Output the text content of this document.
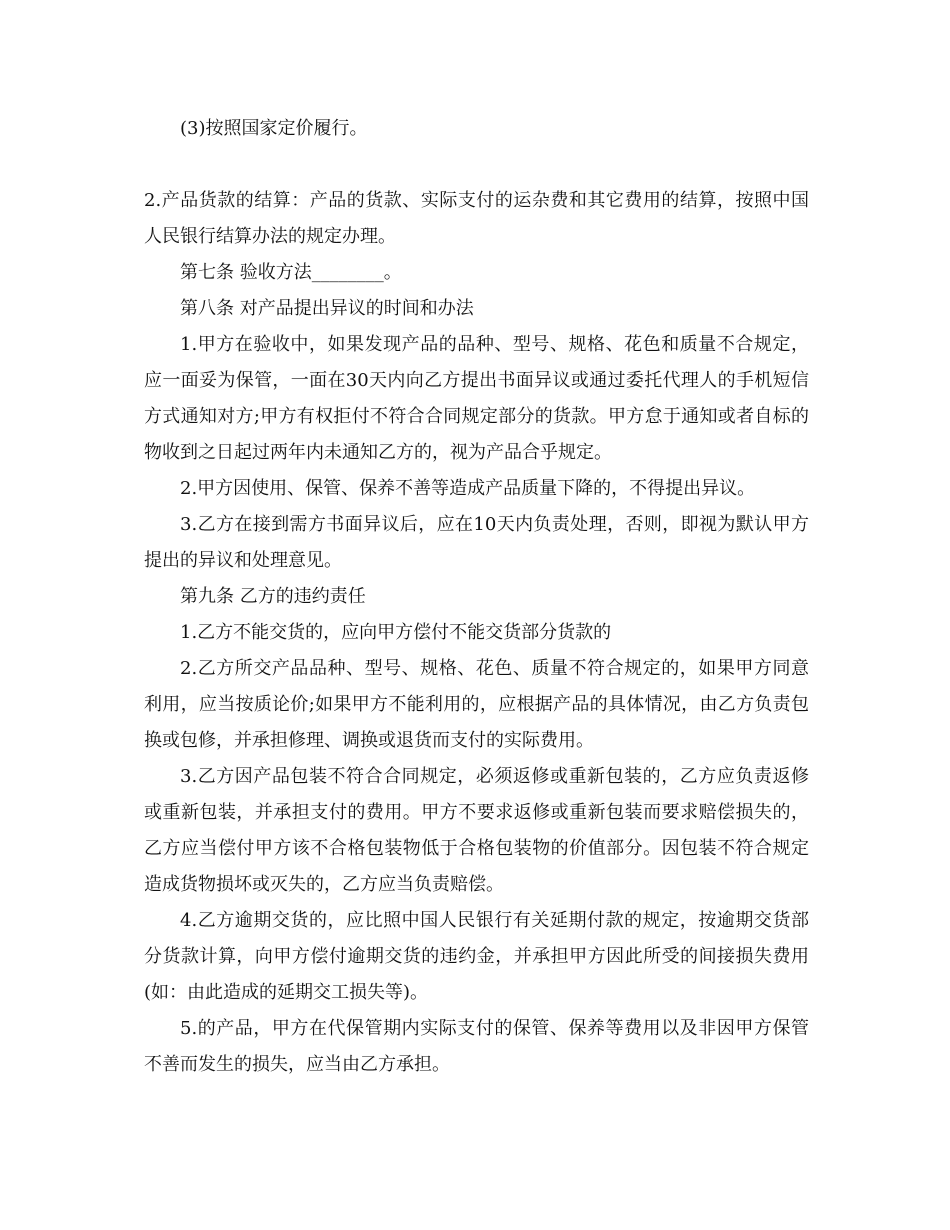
(3)按照国家定价履行。

2.产品货款的结算：产品的货款、实际支付的运杂费和其它费用的结算，按照中国人民银行结算办法的规定办理。

第七条 验收方法________。

第八条 对产品提出异议的时间和办法

1.甲方在验收中，如果发现产品的品种、型号、规格、花色和质量不合规定，应一面妥为保管，一面在30天内向乙方提出书面异议或通过委托代理人的手机短信方式通知对方;甲方有权拒付不符合合同规定部分的货款。甲方怠于通知或者自标的物收到之日起过两年内未通知乙方的，视为产品合乎规定。

2.甲方因使用、保管、保养不善等造成产品质量下降的，不得提出异议。

3.乙方在接到需方书面异议后，应在10天内负责处理，否则，即视为默认甲方提出的异议和处理意见。

第九条 乙方的违约责任

1.乙方不能交货的，应向甲方偿付不能交货部分货款的

2.乙方所交产品品种、型号、规格、花色、质量不符合规定的，如果甲方同意利用，应当按质论价;如果甲方不能利用的，应根据产品的具体情况，由乙方负责包换或包修，并承担修理、调换或退货而支付的实际费用。

3.乙方因产品包装不符合合同规定，必须返修或重新包装的，乙方应负责返修或重新包装，并承担支付的费用。甲方不要求返修或重新包装而要求赔偿损失的，乙方应当偿付甲方该不合格包装物低于合格包装物的价值部分。因包装不符合规定造成货物损坏或灭失的，乙方应当负责赔偿。

4.乙方逾期交货的，应比照中国人民银行有关延期付款的规定，按逾期交货部分货款计算，向甲方偿付逾期交货的违约金，并承担甲方因此所受的间接损失费用(如：由此造成的延期交工损失等)。

5.的产品，甲方在代保管期内实际支付的保管、保养等费用以及非因甲方保管不善而发生的损失，应当由乙方承担。
